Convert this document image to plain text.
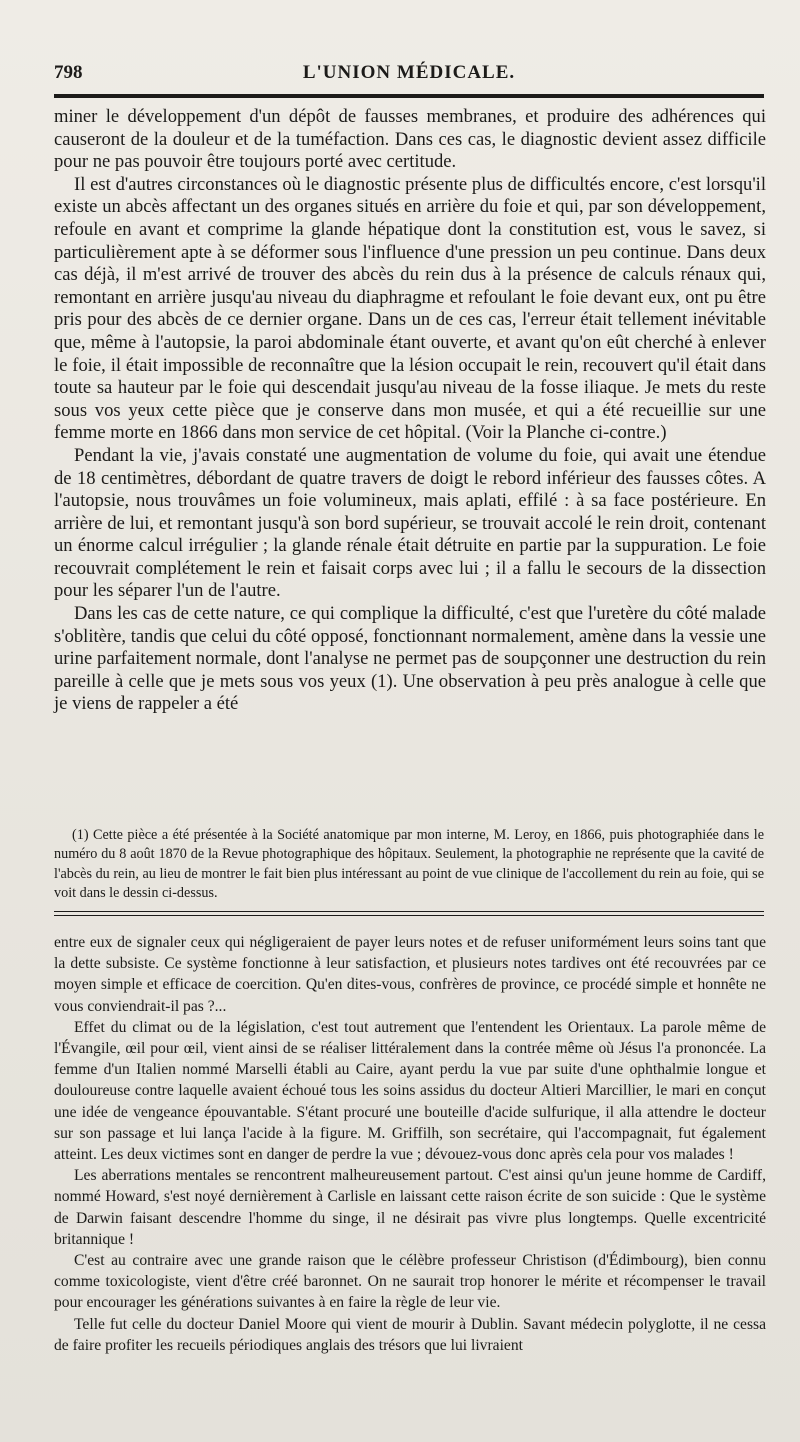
798	L'UNION MÉDICALE.

miner le développement d'un dépôt de fausses membranes, et produire des adhérences qui causeront de la douleur et de la tuméfaction. Dans ces cas, le diagnostic devient assez difficile pour ne pas pouvoir être toujours porté avec certitude.

Il est d'autres circonstances où le diagnostic présente plus de difficultés encore, c'est lorsqu'il existe un abcès affectant un des organes situés en arrière du foie et qui, par son développement, refoule en avant et comprime la glande hépatique dont la constitution est, vous le savez, si particulièrement apte à se déformer sous l'influence d'une pression un peu continue. Dans deux cas déjà, il m'est arrivé de trouver des abcès du rein dus à la présence de calculs rénaux qui, remontant en arrière jusqu'au niveau du diaphragme et refoulant le foie devant eux, ont pu être pris pour des abcès de ce dernier organe. Dans un de ces cas, l'erreur était tellement inévitable que, même à l'autopsie, la paroi abdominale étant ouverte, et avant qu'on eût cherché à enlever le foie, il était impossible de reconnaître que la lésion occupait le rein, recouvert qu'il était dans toute sa hauteur par le foie qui descendait jusqu'au niveau de la fosse iliaque. Je mets du reste sous vos yeux cette pièce que je conserve dans mon musée, et qui a été recueillie sur une femme morte en 1866 dans mon service de cet hôpital. (Voir la Planche ci-contre.)

Pendant la vie, j'avais constaté une augmentation de volume du foie, qui avait une étendue de 18 centimètres, débordant de quatre travers de doigt le rebord inférieur des fausses côtes. A l'autopsie, nous trouvâmes un foie volumineux, mais aplati, effilé : à sa face postérieure. En arrière de lui, et remontant jusqu'à son bord supérieur, se trouvait accolé le rein droit, contenant un énorme calcul irrégulier ; la glande rénale était détruite en partie par la suppuration. Le foie recouvrait complétement le rein et faisait corps avec lui ; il a fallu le secours de la dissection pour les séparer l'un de l'autre.

Dans les cas de cette nature, ce qui complique la difficulté, c'est que l'uretère du côté malade s'oblitère, tandis que celui du côté opposé, fonctionnant normalement, amène dans la vessie une urine parfaitement normale, dont l'analyse ne permet pas de soupçonner une destruction du rein pareille à celle que je mets sous vos yeux (1). Une observation à peu près analogue à celle que je viens de rappeler a été

(1) Cette pièce a été présentée à la Société anatomique par mon interne, M. Leroy, en 1866, puis photographiée dans le numéro du 8 août 1870 de la Revue photographique des hôpitaux. Seulement, la photographie ne représente que la cavité de l'abcès du rein, au lieu de montrer le fait bien plus intéressant au point de vue clinique de l'accollement du rein au foie, qui se voit dans le dessin ci-dessus.

entre eux de signaler ceux qui négligeraient de payer leurs notes et de refuser uniformément leurs soins tant que la dette subsiste. Ce système fonctionne à leur satisfaction, et plusieurs notes tardives ont été recouvrées par ce moyen simple et efficace de coercition. Qu'en dites-vous, confrères de province, ce procédé simple et honnête ne vous conviendrait-il pas ?...

Effet du climat ou de la législation, c'est tout autrement que l'entendent les Orientaux. La parole même de l'Évangile, œil pour œil, vient ainsi de se réaliser littéralement dans la contrée même où Jésus l'a prononcée. La femme d'un Italien nommé Marselli établi au Caire, ayant perdu la vue par suite d'une ophthalmie longue et douloureuse contre laquelle avaient échoué tous les soins assidus du docteur Altieri Marcillier, le mari en conçut une idée de vengeance épouvantable. S'étant procuré une bouteille d'acide sulfurique, il alla attendre le docteur sur son passage et lui lança l'acide à la figure. M. Griffilh, son secrétaire, qui l'accompagnait, fut également atteint. Les deux victimes sont en danger de perdre la vue ; dévouez-vous donc après cela pour vos malades !

Les aberrations mentales se rencontrent malheureusement partout. C'est ainsi qu'un jeune homme de Cardiff, nommé Howard, s'est noyé dernièrement à Carlisle en laissant cette raison écrite de son suicide : Que le système de Darwin faisant descendre l'homme du singe, il ne désirait pas vivre plus longtemps. Quelle excentricité britannique !

C'est au contraire avec une grande raison que le célèbre professeur Christison (d'Édimbourg), bien connu comme toxicologiste, vient d'être créé baronnet. On ne saurait trop honorer le mérite et récompenser le travail pour encourager les générations suivantes à en faire la règle de leur vie.

Telle fut celle du docteur Daniel Moore qui vient de mourir à Dublin. Savant médecin polyglotte, il ne cessa de faire profiter les recueils périodiques anglais des trésors que lui livraient
